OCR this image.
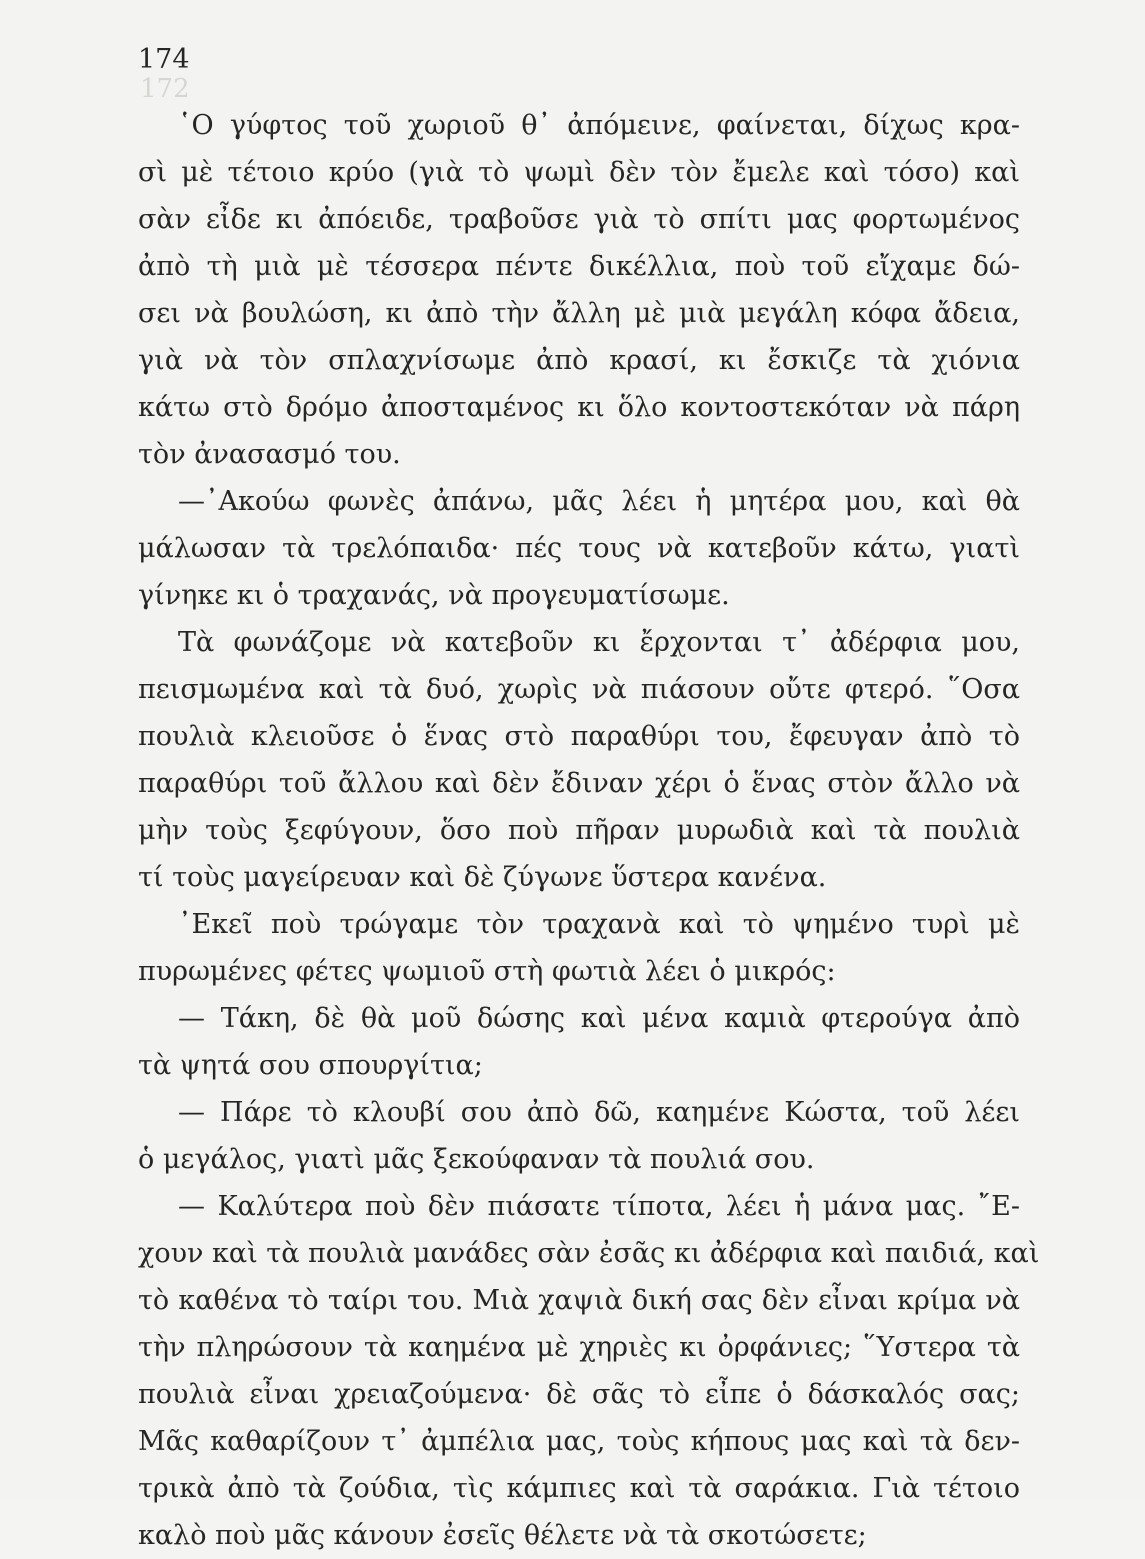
172
174
῾Ο γύφτος τοῦ χωριοῦ θ᾿ ἀπόμεινε, φαίνεται, δίχως κρα-
σὶ μὲ τέτοιο κρύο (γιὰ τὸ ψωμὶ δὲν τὸν ἔμελε καὶ τόσο) καὶ
σὰν εἶδε κι ἀπόειδε, τραβοῦσε γιὰ τὸ σπίτι μας φορτωμένος
ἀπὸ τὴ μιὰ μὲ τέσσερα πέντε δικέλλια, ποὺ τοῦ εἴχαμε δώ-
σει νὰ βουλώση, κι ἀπὸ τὴν ἄλλη μὲ μιὰ μεγάλη κόφα ἄδεια,
γιὰ νὰ τὸν σπλαχνίσωμε ἀπὸ κρασί, κι ἔσκιζε τὰ χιόνια
κάτω στὸ δρόμο ἀποσταμένος κι ὅλο κοντοστεκόταν νὰ πάρη
τὸν ἀνασασμό του.
—᾿Ακούω φωνὲς ἀπάνω, μᾶς λέει ἡ μητέρα μου, καὶ θὰ
μάλωσαν τὰ τρελόπαιδα· πές τους νὰ κατεβοῦν κάτω, γιατὶ
γίνηκε κι ὁ τραχανάς, νὰ προγευματίσωμε.
Τὰ φωνάζομε νὰ κατεβοῦν κι ἔρχονται τ᾿ ἀδέρφια μου,
πεισμωμένα καὶ τὰ δυό, χωρὶς νὰ πιάσουν οὔτε φτερό. ῞Οσα
πουλιὰ κλειοῦσε ὁ ἕνας στὸ παραθύρι του, ἔφευγαν ἀπὸ τὸ
παραθύρι τοῦ ἄλλου καὶ δὲν ἔδιναν χέρι ὁ ἕνας στὸν ἄλλο νὰ
μὴν τοὺς ξεφύγουν, ὅσο ποὺ πῆραν μυρωδιὰ καὶ τὰ πουλιὰ
τί τοὺς μαγείρευαν καὶ δὲ ζύγωνε ὕστερα κανένα.
᾿Εκεῖ ποὺ τρώγαμε τὸν τραχανὰ καὶ τὸ ψημένο τυρὶ μὲ
πυρωμένες φέτες ψωμιοῦ στὴ φωτιὰ λέει ὁ μικρός:
— Τάκη, δὲ θὰ μοῦ δώσης καὶ μένα καμιὰ φτερούγα ἀπὸ
τὰ ψητά σου σπουργίτια;
— Πάρε τὸ κλουβί σου ἀπὸ δῶ, καημένε Κώστα, τοῦ λέει
ὁ μεγάλος, γιατὶ μᾶς ξεκούφαναν τὰ πουλιά σου.
— Καλύτερα ποὺ δὲν πιάσατε τίποτα, λέει ἡ μάνα μας. ῎Ε-
χουν καὶ τὰ πουλιὰ μανάδες σὰν ἐσᾶς κι ἀδέρφια καὶ παιδιά, καὶ
τὸ καθένα τὸ ταίρι του. Μιὰ χαψιὰ δική σας δὲν εἶναι κρίμα νὰ
τὴν πληρώσουν τὰ καημένα μὲ χηριὲς κι ὀρφάνιες; ῞Υστερα τὰ
πουλιὰ εἶναι χρειαζούμενα· δὲ σᾶς τὸ εἶπε ὁ δάσκαλός σας;
Μᾶς καθαρίζουν τ᾿ ἀμπέλια μας, τοὺς κήπους μας καὶ τὰ δεν-
τρικὰ ἀπὸ τὰ ζούδια, τὶς κάμπιες καὶ τὰ σαράκια. Γιὰ τέτοιο
καλὸ ποὺ μᾶς κάνουν ἐσεῖς θέλετε νὰ τὰ σκοτώσετε;
